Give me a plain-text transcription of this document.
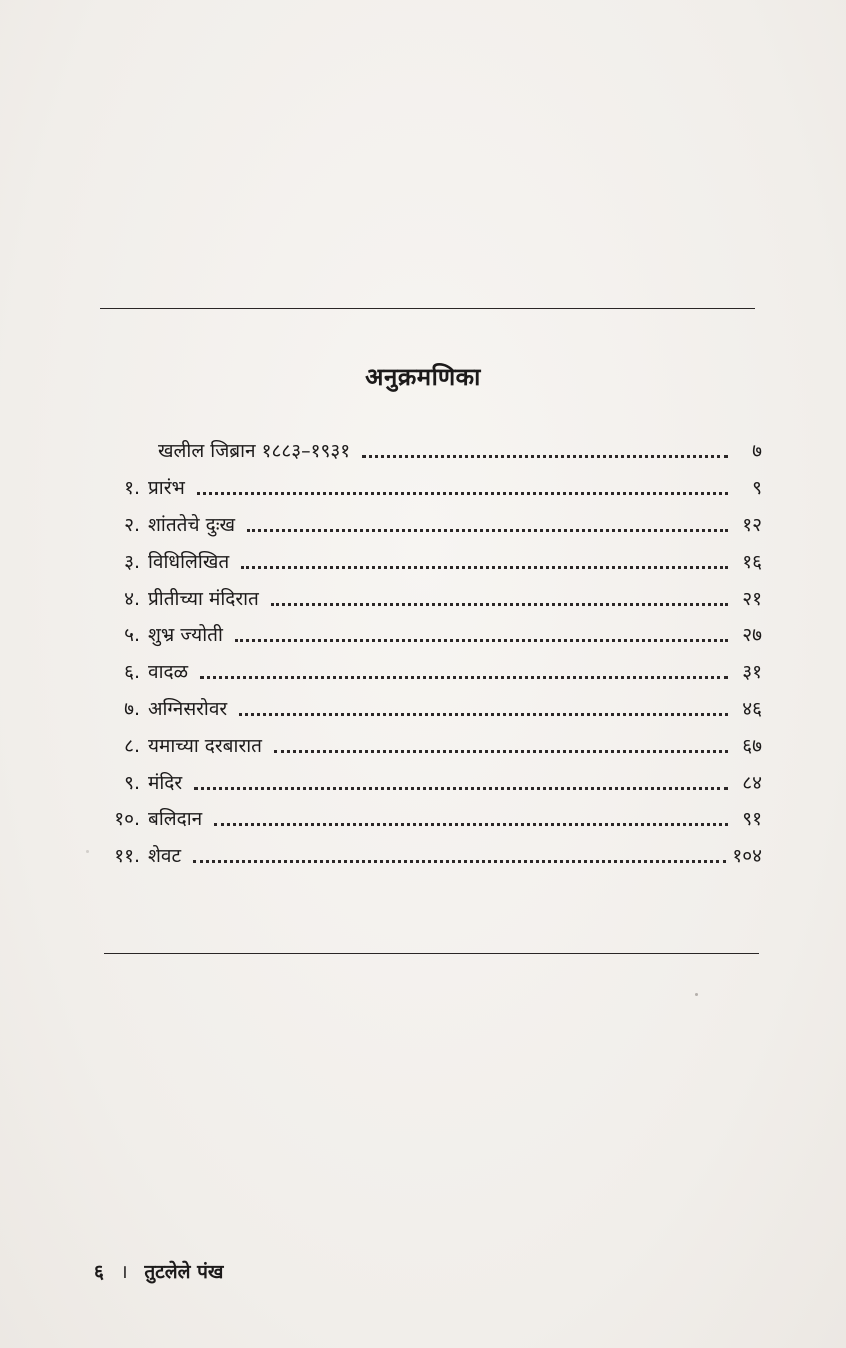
अनुक्रमणिका
खलील जिब्रान १८८३–१९३१	७
१. प्रारंभ	९
२. शांततेचे दुःख	१२
३. विधिलिखित	१६
४. प्रीतीच्या मंदिरात	२१
५. शुभ्र ज्योती	२७
६. वादळ	३१
७. अग्निसरोवर	४६
८. यमाच्या दरबारात	६७
९. मंदिर	८४
१०. बलिदान	९१
११. शेवट	१०४
६ । तुटलेले पंख
